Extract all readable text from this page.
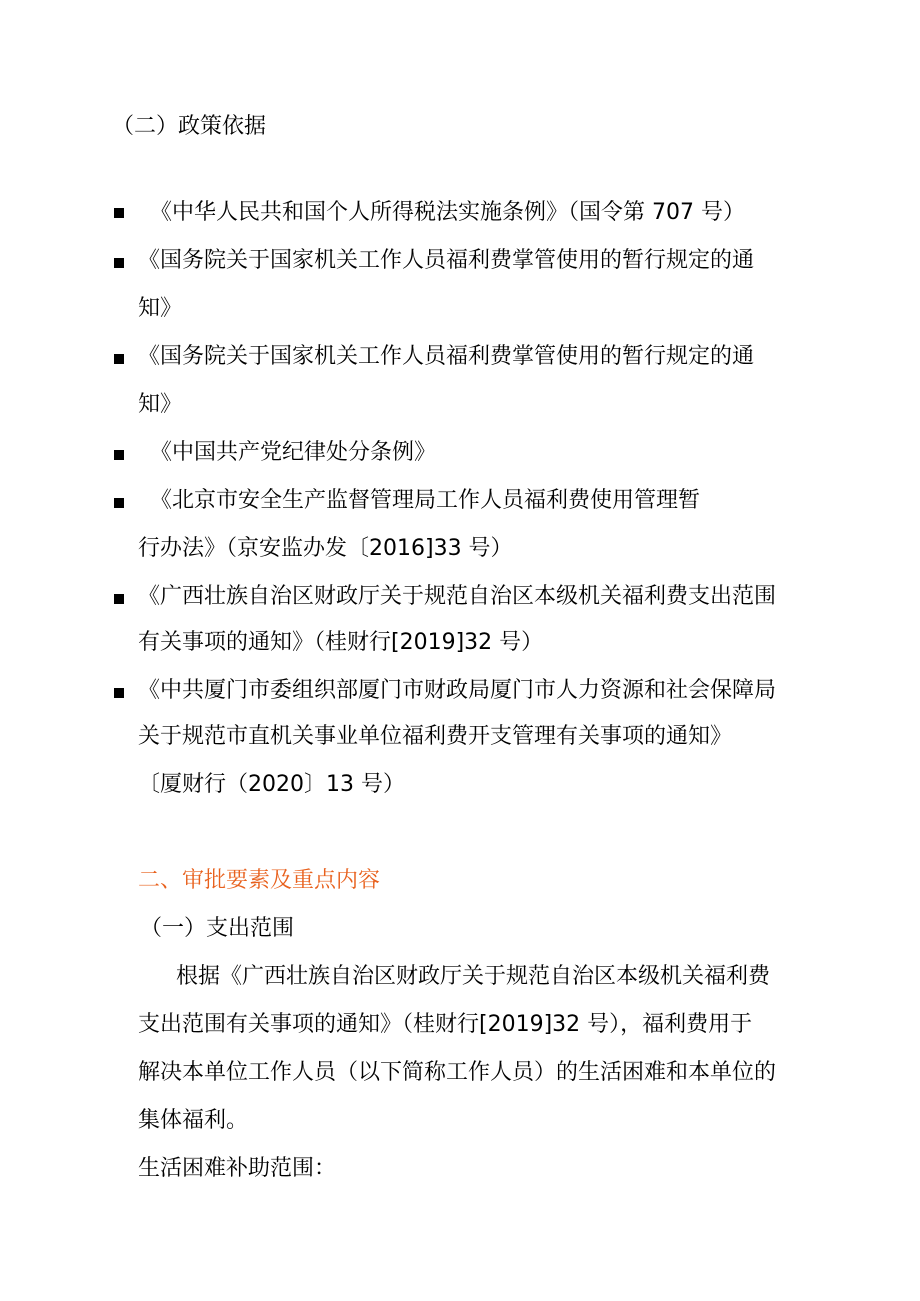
（二）政策依据
《中华人民共和国个人所得税法实施条例》（国令第 707 号）
《国务院关于国家机关工作人员福利费掌管使用的暂行规定的通
知》
《国务院关于国家机关工作人员福利费掌管使用的暂行规定的通
知》
《中国共产党纪律处分条例》
《北京市安全生产监督管理局工作人员福利费使用管理暂
行办法》（京安监办发〔2016]33 号）
《广西壮族自治区财政厅关于规范自治区本级机关福利费支出范围
有关事项的通知》（桂财行[2019]32 号）
《中共厦门市委组织部厦门市财政局厦门市人力资源和社会保障局
关于规范市直机关事业单位福利费开支管理有关事项的通知》
〔厦财行（2020〕13 号）
二、审批要素及重点内容
（一）支出范围
根据《广西壮族自治区财政厅关于规范自治区本级机关福利费
支出范围有关事项的通知》（桂财行[2019]32 号），福利费用于
解决本单位工作人员（以下简称工作人员）的生活困难和本单位的
集体福利。
生活困难补助范围：
